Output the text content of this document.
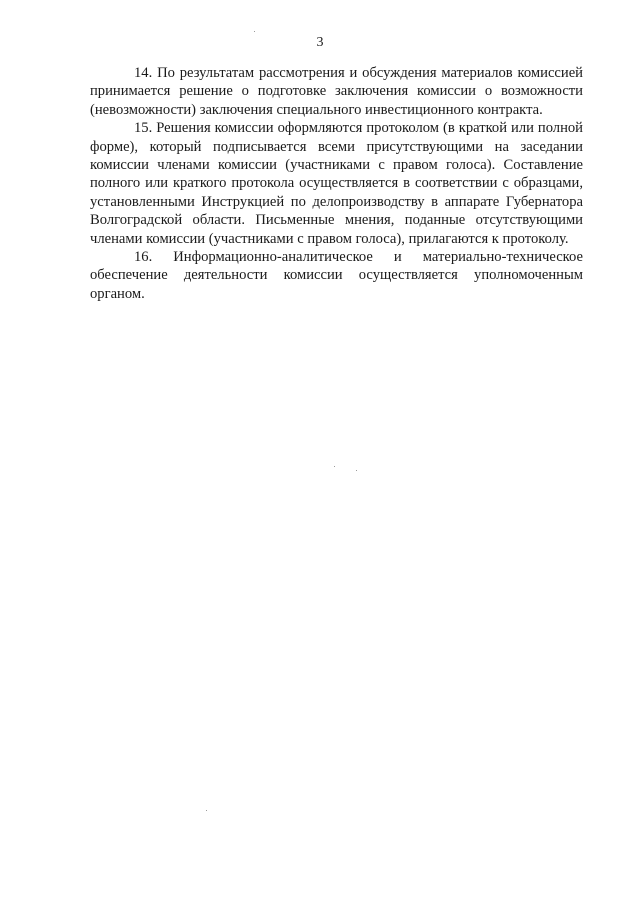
3

14. По результатам рассмотрения и обсуждения материалов комиссией принимается решение о подготовке заключения комиссии о возможности (невозможности) заключения специального инвестиционного контракта.

15. Решения комиссии оформляются протоколом (в краткой или полной форме), который подписывается всеми присутствующими на заседании комиссии членами комиссии (участниками с правом голоса). Составление полного или краткого протокола осуществляется в соответствии с образцами, установленными Инструкцией по делопроизводству в аппарате Губернатора Волгоградской области. Письменные мнения, поданные отсутствующими членами комиссии (участниками с правом голоса), прилагаются к протоколу.

16. Информационно-аналитическое и материально-техническое обеспечение деятельности комиссии осуществляется уполномоченным органом.
